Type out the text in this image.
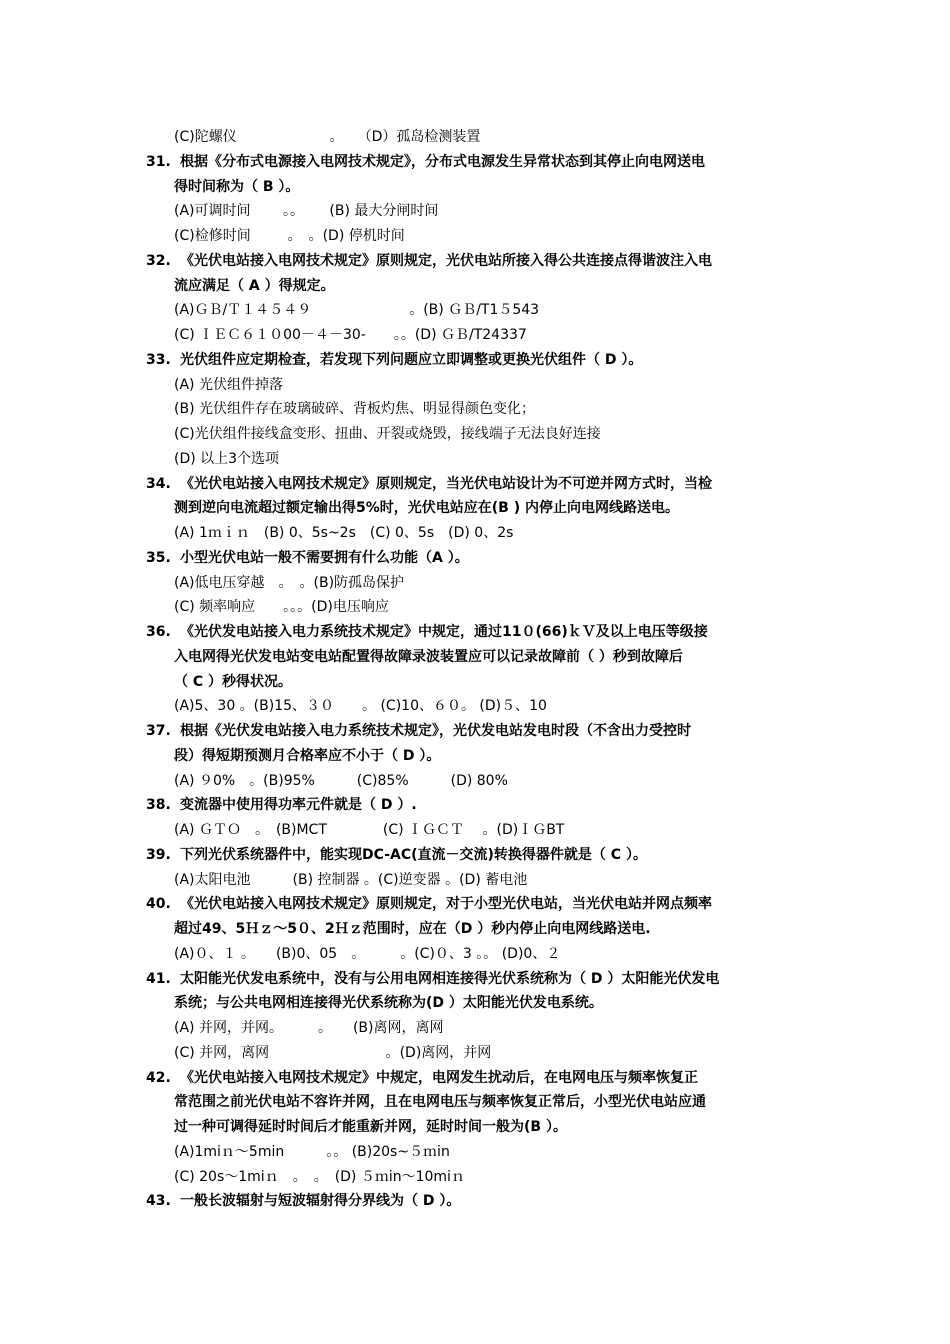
(C)陀螺仪 　　　　　　 。　　（D）孤岛检测装置
31. 根据《分布式电源接入电网技术规定》，分布式电源发生异常状态到其停止向电网送电
得时间称为（ B ）。
(A)可调时间 　　。。　　 (B) 最大分闸时间
(C)检修时间 　　 。　。(D) 停机时间
32. 《光伏电站接入电网技术规定》原则规定，光伏电站所接入得公共连接点得谐波注入电
流应满足（ A ）得规定。
(A)ＧＢ/Ｔ１４５４９　　　　　　　。(B) ＧＢ/T1５543
(C) ＩＥＣ６１０00－４－30-　　。。(D) ＧＢ/T24337
33. 光伏组件应定期检查，若发现下列问题应立即调整或更换光伏组件（ D ）。
(A) 光伏组件掉落
(B) 光伏组件存在玻璃破碎、背板灼焦、明显得颜色变化；
(C)光伏组件接线盒变形、扭曲、开裂或烧毁，接线端子无法良好连接
(D) 以上3个选项
34. 《光伏电站接入电网技术规定》原则规定，当光伏电站设计为不可逆并网方式时，当检
测到逆向电流超过额定输出得5%时，光伏电站应在(B ) 内停止向电网线路送电。
(A) 1ｍｉｎ　(B) 0、5s~2s　(C) 0、5s　(D) 0、2s
35. 小型光伏电站一般不需要拥有什么功能（A ）。
(A)低电压穿越　。　。(B)防孤岛保护
(C) 频率响应　　。。。(D)电压响应
36. 《光伏发电站接入电力系统技术规定》中规定，通过11０(66)ｋＶ及以上电压等级接
入电网得光伏发电站变电站配置得故障录波装置应可以记录故障前（ ）秒到故障后
（ C ）秒得状况。
(A)5、30 。(B)15、３０　　。 (C)10、６０。 (D)５、10
37. 根据《光伏发电站接入电力系统技术规定》，光伏发电站发电时段（不含出力受控时
段）得短期预测月合格率应不小于（ D ）。
(A) ９0%　。(B)95%　　　(C)85%　　　(D) 80%
38. 变流器中使用得功率元件就是（ D ）.
(A) ＧＴＯ　。　(B)MCT　　　　(C) ＩＧＣＴ　 。(D)ＩＧBT
39. 下列光伏系统器件中，能实现DC-AC(直流－交流)转换得器件就是（ C ）。
(A)太阳电池　　　(B) 控制器 。(C)逆变器 。(D) 蓄电池
40. 《光伏电站接入电网技术规定》原则规定，对于小型光伏电站，当光伏电站并网点频率
超过49、5Ｈｚ～5０、2Ｈｚ范围时，应在（D ）秒内停止向电网线路送电.
(A)０、１ 。　　(B)0、05　。　　　。(C)０、3 。。 (D)0、２
41. 太阳能光伏发电系统中，没有与公用电网相连接得光伏系统称为（ D ）太阳能光伏发电
系统；与公共电网相连接得光伏系统称为(D ）太阳能光伏发电系统。
(A) 并网，并网。　　　。　　(B)离网，离网
(C) 并网，离网　　　　　　　　 。(D)离网，并网
42. 《光伏电站接入电网技术规定》中规定，电网发生扰动后，在电网电压与频率恢复正
常范围之前光伏电站不容许并网，且在电网电压与频率恢复正常后，小型光伏电站应通
过一种可调得延时时间后才能重新并网，延时时间一般为(B ）。
(A)1miｎ～5min　　　。。 (B)20s~５ｍin
(C) 20s～1miｎ　。　。　(D) ５ｍin～10miｎ
43. 一般长波辐射与短波辐射得分界线为（ D ）。
